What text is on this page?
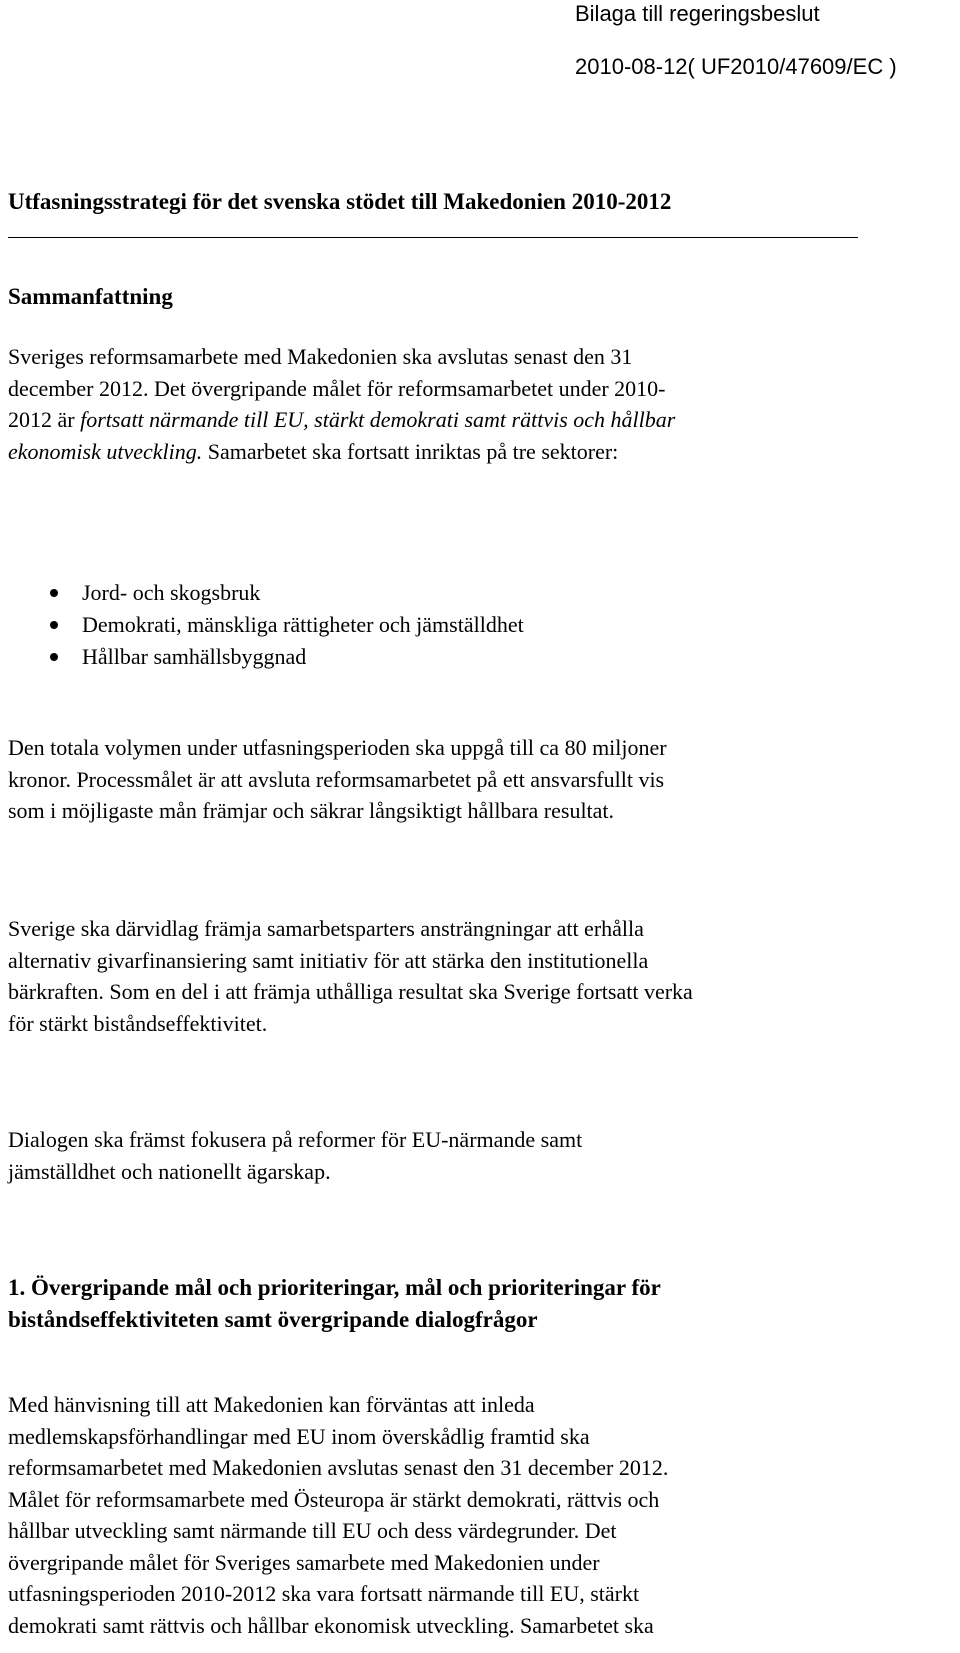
Bilaga till regeringsbeslut
2010-08-12( UF2010/47609/EC )
Utfasningsstrategi för det svenska stödet till Makedonien 2010-2012
Sammanfattning
Sveriges reformsamarbete med Makedonien ska avslutas senast den 31
december 2012. Det övergripande målet för reformsamarbetet under 2010-
2012 är fortsatt närmande till EU, stärkt demokrati samt rättvis och hållbar
ekonomisk utveckling. Samarbetet ska fortsatt inriktas på tre sektorer:
Jord- och skogsbruk
Demokrati, mänskliga rättigheter och jämställdhet
Hållbar samhällsbyggnad
Den totala volymen under utfasningsperioden ska uppgå till ca 80 miljoner
kronor. Processmålet är att avsluta reformsamarbetet på ett ansvarsfullt vis
som i möjligaste mån främjar och säkrar långsiktigt hållbara resultat.
Sverige ska därvidlag främja samarbetsparters ansträngningar att erhålla
alternativ givarfinansiering samt initiativ för att stärka den institutionella
bärkraften. Som en del i att främja uthålliga resultat ska Sverige fortsatt verka
för stärkt biståndseffektivitet.
Dialogen ska främst fokusera på reformer för EU-närmande samt
jämställdhet och nationellt ägarskap.
1. Övergripande mål och prioriteringar, mål och prioriteringar för
biståndseffektiviteten samt övergripande dialogfrågor
Med hänvisning till att Makedonien kan förväntas att inleda
medlemskapsförhandlingar med EU inom överskådlig framtid ska
reformsamarbetet med Makedonien avslutas senast den 31 december 2012.
Målet för reformsamarbete med Östeuropa är stärkt demokrati, rättvis och
hållbar utveckling samt närmande till EU och dess värdegrunder. Det
övergripande målet för Sveriges samarbete med Makedonien under
utfasningsperioden 2010-2012 ska vara fortsatt närmande till EU, stärkt
demokrati samt rättvis och hållbar ekonomisk utveckling. Samarbetet ska
